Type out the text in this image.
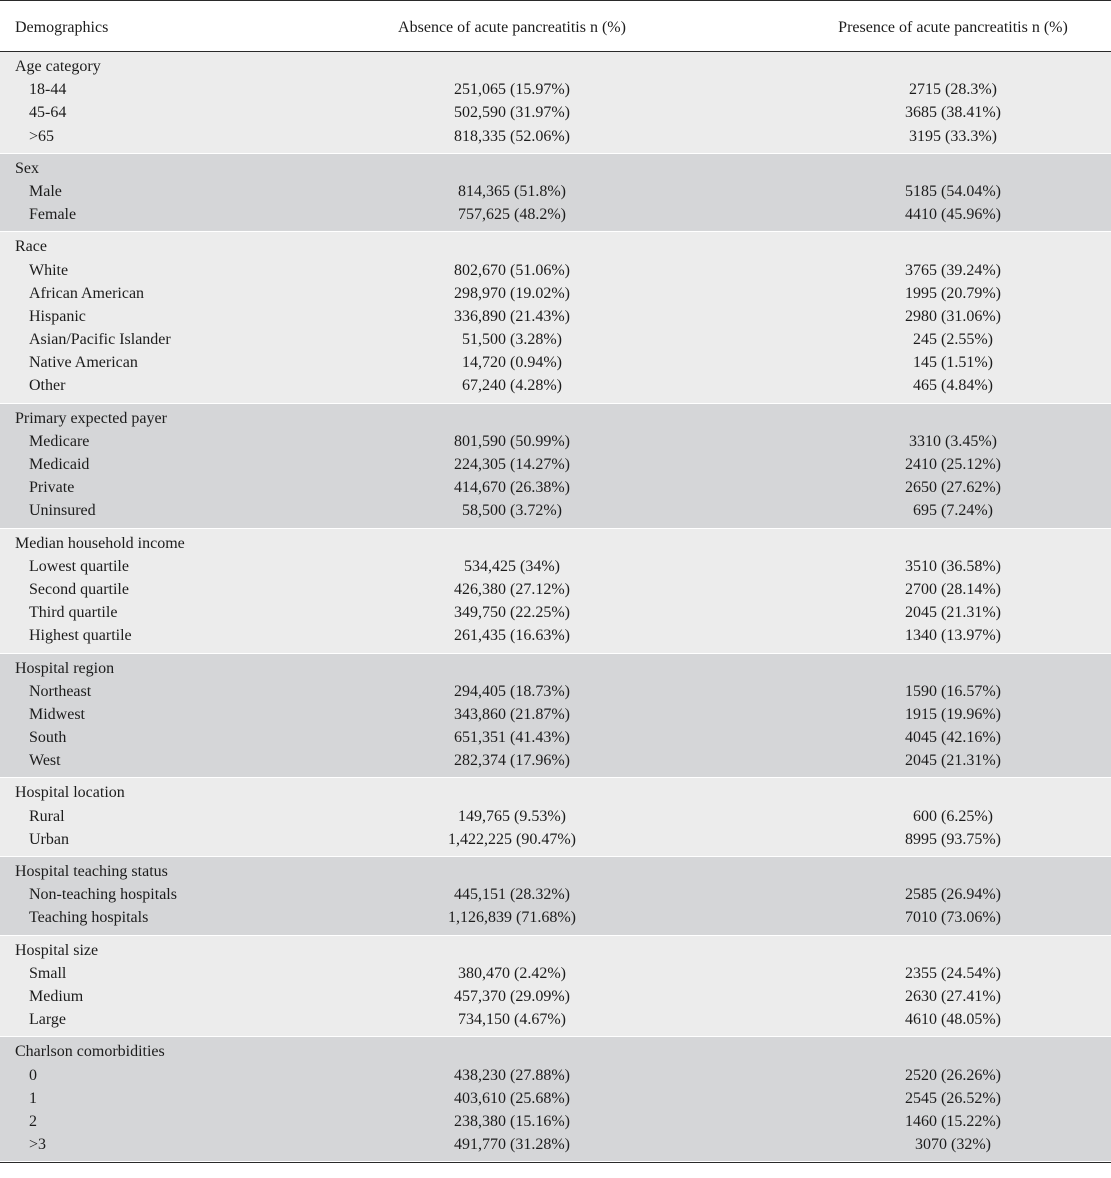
Demographics	Absence of acute pancreatitis n (%)	Presence of acute pancreatitis n (%)
Age category
18-44	251,065 (15.97%)	2715 (28.3%)
45-64	502,590 (31.97%)	3685 (38.41%)
>65	818,335 (52.06%)	3195 (33.3%)
Sex
Male	814,365 (51.8%)	5185 (54.04%)
Female	757,625 (48.2%)	4410 (45.96%)
Race
White	802,670 (51.06%)	3765 (39.24%)
African American	298,970 (19.02%)	1995 (20.79%)
Hispanic	336,890 (21.43%)	2980 (31.06%)
Asian/Pacific Islander	51,500 (3.28%)	245 (2.55%)
Native American	14,720 (0.94%)	145 (1.51%)
Other	67,240 (4.28%)	465 (4.84%)
Primary expected payer
Medicare	801,590 (50.99%)	3310 (3.45%)
Medicaid	224,305 (14.27%)	2410 (25.12%)
Private	414,670 (26.38%)	2650 (27.62%)
Uninsured	58,500 (3.72%)	695 (7.24%)
Median household income
Lowest quartile	534,425 (34%)	3510 (36.58%)
Second quartile	426,380 (27.12%)	2700 (28.14%)
Third quartile	349,750 (22.25%)	2045 (21.31%)
Highest quartile	261,435 (16.63%)	1340 (13.97%)
Hospital region
Northeast	294,405 (18.73%)	1590 (16.57%)
Midwest	343,860 (21.87%)	1915 (19.96%)
South	651,351 (41.43%)	4045 (42.16%)
West	282,374 (17.96%)	2045 (21.31%)
Hospital location
Rural	149,765 (9.53%)	600 (6.25%)
Urban	1,422,225 (90.47%)	8995 (93.75%)
Hospital teaching status
Non-teaching hospitals	445,151 (28.32%)	2585 (26.94%)
Teaching hospitals	1,126,839 (71.68%)	7010 (73.06%)
Hospital size
Small	380,470 (2.42%)	2355 (24.54%)
Medium	457,370 (29.09%)	2630 (27.41%)
Large	734,150 (4.67%)	4610 (48.05%)
Charlson comorbidities
0	438,230 (27.88%)	2520 (26.26%)
1	403,610 (25.68%)	2545 (26.52%)
2	238,380 (15.16%)	1460 (15.22%)
>3	491,770 (31.28%)	3070 (32%)
